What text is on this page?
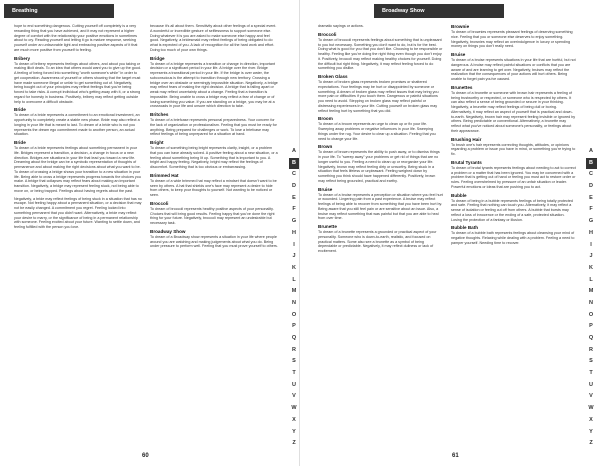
Breathing

hope to end something dangerous. Cutting yourself off completely is a very rewarding thing that you have achieved, and it may not represent a higher degree of comfort with the relationship your positive emotions in sometimes about to cry. Reading yourself and letting it go is mature response, seeking yourself under an unfavorable light and embracing positive aspects of it that are much more positive from yourself to feeling.

Bribery

To dream of bribery represents feelings about others, and about you taking or making illicit deals. To an idea that others would want you to give up the good. A feeling of being forced into something "worth someone's while" in order to get cooperation. Awareness of yourself or others showing that the target must have made someone illegal or unfair to get something out of. Negatively, being bought out of your principles may reflect feelings that you're being forced to take risks. A corrupt individual who's getting away with it, or a strong regard for honesty in business. Positively, bribery may reflect getting outside help to overcome a difficult obstacle.

Bride

To dream of a bride represents a commitment to an emotional investment, an opportunity to completely create a stable new phase. Bride may also reflect a longing in your life that is meant to last. To dream of a bride who is not you represents the dream ego commitment made to another person, an actual situation.

Bride

To dream of a bride represents feelings about something permanent in your life. Bridges represent a transition, a decision, a change in focus or a new direction. Bridges are situations in your life that lead you toward a new life. Dreaming about the bridge can be a symbolic representation of thoughts of permanence and about making the right decisions about what you want to be. To dream of crossing a bridge shows your transition to a new situation in your life. Being able to cross a bridge represents progress towards the choices you make. A bridge that collapses may reflect fears about making an important transition. Negatively, a bridge may represent feeling stuck, not being able to move on, or being trapped. Feelings about having regrets about the past.

Negatively, a bride may reflect feelings of being stuck in a situation that has no escape. Not feeling happy about a permanent situation, or a decision that may not be easily changed. A commitment you regret. Feeling locked into something permanent that you didn't want. Alternatively, a bride may reflect your desire to marry, or the significance of being in a permanent relationship with someone. Feeling excited about your future. Wanting to settle down, and feeling fulfilled with the person you love.

because it's all about them. Sensitivity about other feelings of a special event. A wonderful or incredible gesture of selflessness to support someone else. Doing whatever it is you are asked to make someone else happy and feel good. Negatively, a bridesmaid may reflect feelings of being obligated to do what is expected of you. A lack of recognition for all the hard work and effort. Doing too much of your own things.

Bridge

To dream of a bridge represents a transition or change in direction, important decision or a significant period in your life. A bridge over the river. Bridge represents a transitional period in your life. If the bridge is over water, the subconscious is the attempt to transition through new territory. Crossing a bridge over an obstacle or seemingly impossible situation. Negatively, a bridge may reflect fears of making the right decision. A bridge that is falling apart or weak may reflect uncertainty about a change. Feeling that a transition is impossible. Being unable to cross a bridge may reflect a fear of change or of losing something you value. If you are standing on a bridge, you may be at a crossroads in your life and unsure which direction to take.

Britches

To dream of a briefcase represents personal preparedness. Your concern for the lack of organization or professionalism. Feeling that you must be ready for anything. Being prepared for challenges or work. To lose a briefcase may reflect feelings of being unprepared for a situation at hand.

Bright

To dream of something being bright represents clarity, insight, or a problem that you can have already solved. A positive feeling about a new situation, or a feeling about something being lit up. Something that is important to you. A bright and happy feeling. Negatively, bright may reflect the feelings of discomfort. Something that is too obvious or embarrassing.

Brimmed Hat

To dream of a wide brimmed hat may reflect a mindset that doesn't want to be seen by others. A hat that shields one's face may represent a desire to hide from others, to keep your thoughts to yourself. Not wanting to be noticed or seen.

Broccoli

To dream of broccoli represents healthy positive aspects of your personality. Choices that will bring good results. Feeling happy that you've done the right thing for your future. Negatively, broccoli may represent an undesirable but necessary task.

Broadway Show

To dream of a Broadway show represents a situation in your life where people around you are watching and making judgements about what you do. Being under pressure to perform well. Feeling that you must prove yourself to others.

A
B
C
D
E
F
G
H
I
J
K
L
M
N
O
P
Q
R
S
T
U
V
W
X
Y
Z
60
Broadway Show

dramatic sayings or actions.

Broccoli

To dream of broccoli represents feelings about something that is unpleasant to you but necessary. Something you don't want to do, but is for the best. Doing what is good for you that you don't like. Choosing to be responsible or healthy. Feeling like you're doing the right thing even though you don't enjoy it. Positively, broccoli may reflect making healthy choices for yourself. Doing the difficult but right thing. Negatively, it may reflect feeling forced to do something you dislike.

Broken Glass

To dream of broken glass represents broken promises or shattered expectations. Your feelings may be hurt or disappointed by someone or something. A dream of broken glass may reflect issues that may bring you more pain or difficulties if you touch them. Dangerous or painful situations you need to avoid. Stepping on broken glass may reflect painful or distressing experiences in your life. Cutting yourself on broken glass may reflect feeling hurt by something that you did.

Broom

To dream of a broom represents an urge to clean up or fix your life. Sweeping away problems or negative influences in your life. Sweeping things under the rug. Your desire to clear up a situation. Feeling that you need to change your life.

Brown

To dream of brown represents the ability to push away, or to dismiss things in your life. To "sweep away" your problems or get rid of things that are no longer useful to you. Feeling a need to clean up or reorganize your life. Negatively, brown may reflect feeling dirty or unworthy. Being stuck in a situation that feels lifeless or unpleasant. Feeling weighed down by something you think should have happened differently. Positively, brown may reflect being grounded, practical and earthy.

Bruise

To dream of a bruise represents a perception or situation where you feel hurt or wounded. Lingering pain from a past experience. A bruise may reflect feelings of being able to recover from something that you have been hurt by. Being aware that you still feel pain or are sensitive about an issue. Also, a bruise may reflect something that was painful but that you are able to heal from over time.

Brunette

To dream of a brunette represents a grounded or practical aspect of your personality. Someone who is down-to-earth, realistic, and focused on practical matters. Some also see a brunette as a symbol of being dependable or predictable. Negatively, it may reflect dullness or lack of excitement.

Brownie

To dream of brownies represents pleasant feelings of deserving something nice. Feeling that you or someone else deserves to enjoy something. Negatively, brownies may reflect an overindulgence in luxury or spending money on things you don't really need.

Bruise

To dream of a bruise represents situations in your life that are hurtful, but not dangerous. A bruise may reflect painful situations or conflicts that you are aware of and are learning to get over. Negatively, bruises may reflect the realization that the consequences of your actions will hurt others. Being unable to forget pain you've caused.

Brunettes

To dream of a brunette or someone with brown hair represents a feeling of being trustworthy or respected, or someone who is respected by others. It can also reflect a sense of being grounded or secure in your thinking. Negatively, a brunette may reflect feelings of being dull or boring. Alternatively, it may reflect an aspect of yourself that is practical and down-to-earth. Negatively, brown hair may represent feeling invisible or ignored by others. Being predictable or conventional. Alternatively, a brunette may reflect what you've noticed about someone's personality, or feelings about their appearance.

Brushing Hair

To brush one's hair represents correcting thoughts, attitudes, or opinions regarding a problem or issue you have in mind, or something you're trying to fix.

Brutal Tyrants

To dream of brutal tyrants represents feelings about needing to act to correct a problem or a matter that has been ignored. You may be concerned with a problem that is getting out of hand or feeling you must act to restore order or rules. Feeling overwhelmed by pressure of an unfair situation or leader. Powerful emotions or ideas that are pushing you to act.

Bubble

To dream of being in a bubble represents feelings of being totally protected and safe. Feeling that nothing can touch you. Alternatively, it may reflect a sense of isolation or feeling cut off from others. A bubble that bursts may reflect a loss of innocence or the ending of a safe, protected situation. Losing the protection of a fantasy or illusion.

Bubble Bath

To dream of a bubble bath represents feelings about cleansing your mind of negative thoughts. Relaxing while dealing with a problem. Feeling a need to pamper yourself. Needing time to recover.

A
B
C
D
E
F
G
H
I
J
K
L
M
N
O
P
Q
R
S
T
U
V
W
X
Y
Z
61
